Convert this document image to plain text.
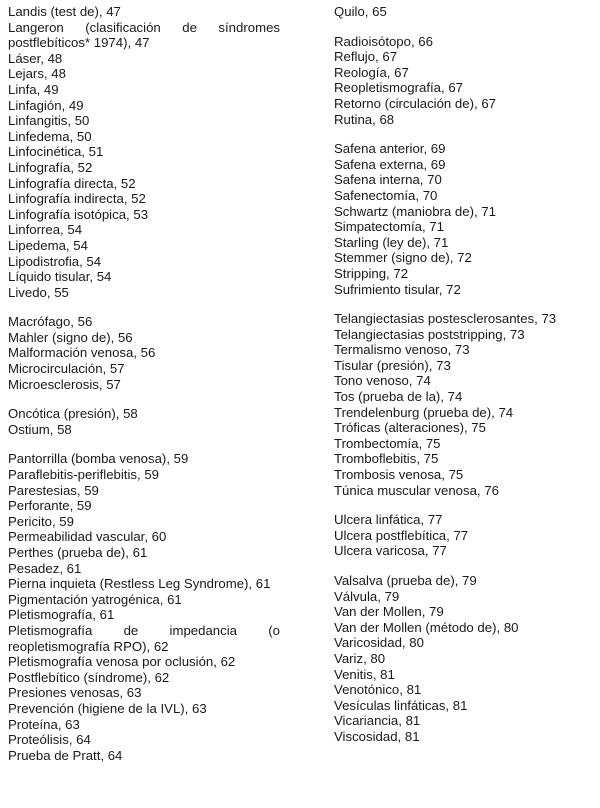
Landis (test de), 47
Langeron (clasificación de síndromes postflebíticos* 1974), 47
Láser, 48
Lejars, 48
Linfa, 49
Linfagión, 49
Linfangitis, 50
Linfedema, 50
Linfocinética, 51
Linfografía, 52
Linfografía directa, 52
Linfografía indirecta, 52
Linfografía isotópica, 53
Linforrea, 54
Lipedema, 54
Lipodistrofia, 54
Líquido tisular, 54
Livedo, 55
Macrófago, 56
Mahler (signo de), 56
Malformación venosa, 56
Microcirculación, 57
Microesclerosis, 57
Oncótica (presión), 58
Ostium, 58
Pantorrilla (bomba venosa), 59
Paraflebitis-periflebitis, 59
Parestesias, 59
Perforante, 59
Pericito, 59
Permeabilidad vascular, 60
Perthes (prueba de), 61
Pesadez, 61
Pierna inquieta (Restless Leg Syndrome), 61
Pigmentación yatrogénica, 61
Pletismografía, 61
Pletismografía de impedancia (o reopletismografía RPO), 62
Pletismografía venosa por oclusión, 62
Postflebítico (síndrome), 62
Presiones venosas, 63
Prevención (higiene de la IVL), 63
Proteína, 63
Proteólisis, 64
Prueba de Pratt, 64
Quilo, 65
Radioisótopo, 66
Reflujo, 67
Reología, 67
Reopletismografía, 67
Retorno (circulación de), 67
Rutina, 68
Safena anterior, 69
Safena externa, 69
Safena interna, 70
Safenectomía, 70
Schwartz (maniobra de), 71
Simpatectomía, 71
Starling (ley de), 71
Stemmer (signo de), 72
Stripping, 72
Sufrimiento tisular, 72
Telangiectasias postesclerosantes, 73
Telangiectasias poststripping, 73
Termalismo venoso, 73
Tisular (presión), 73
Tono venoso, 74
Tos (prueba de la), 74
Trendelenburg (prueba de), 74
Tróficas (alteraciones), 75
Trombectomía, 75
Tromboflebitis, 75
Trombosis venosa, 75
Túnica muscular venosa, 76
Ulcera linfática, 77
Ulcera postflebítica, 77
Ulcera varicosa, 77
Valsalva (prueba de), 79
Válvula, 79
Van der Mollen, 79
Van der Mollen (método de), 80
Varicosidad, 80
Variz, 80
Venitis, 81
Venotónico, 81
Vesículas linfáticas, 81
Vicariancia, 81
Viscosidad, 81
